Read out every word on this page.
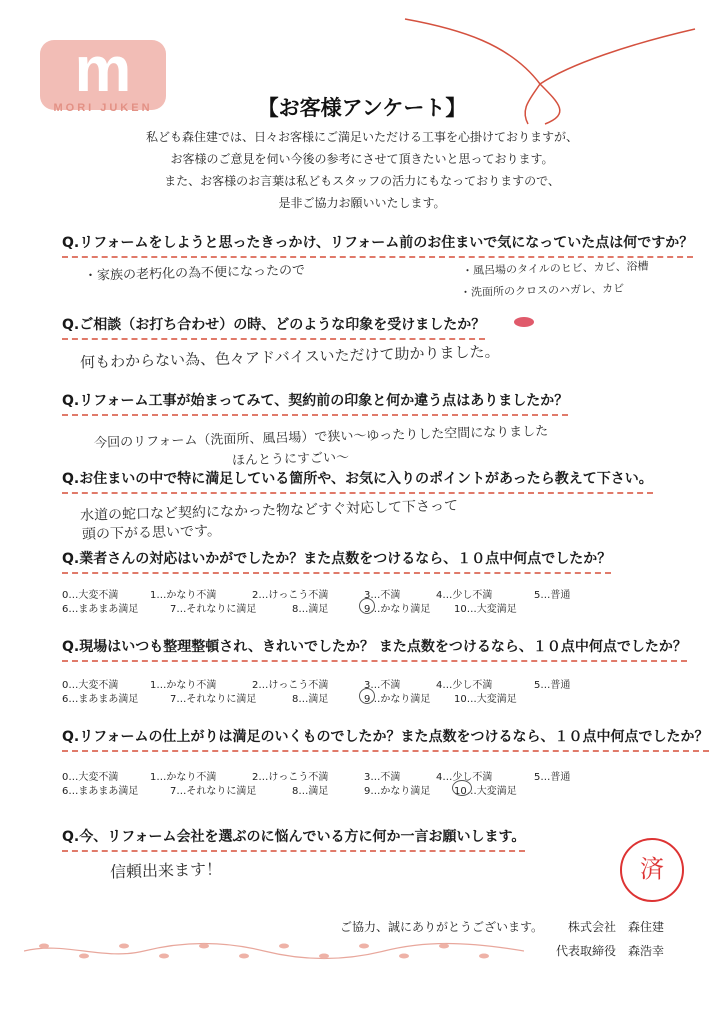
m
MORI JUKEN	【お客様アンケート】
私ども森住建では、日々お客様にご満足いただける工事を心掛けておりますが、
お客様のご意見を伺い今後の参考にさせて頂きたいと思っております。
また、お客様のお言葉は私どもスタッフの活力にもなっておりますので、
是非ご協力お願いいたします。
Q.リフォームをしようと思ったきっかけ、リフォーム前のお住まいで気になっていた点は何ですか？
・家族の老朽化の為不便になったので	・風呂場のタイルのヒビ、カビ、浴槽
・洗面所のクロスのハガレ、カビ
Q.ご相談（お打ち合わせ）の時、どのような印象を受けましたか？
何もわからない為、色々アドバイスいただけて助かりました。
Q.リフォーム工事が始まってみて、契約前の印象と何か違う点はありましたか？
今回のリフォーム（洗面所、風呂場）で狭い〜ゆったりした空間になりました
ほんとうにすごい〜
Q.お住まいの中で特に満足している箇所や、お気に入りのポイントがあったら教えて下さい。
水道の蛇口など契約になかった物などすぐ対応して下さって
頭の下がる思いです。
Q.業者さんの対応はいかがでしたか？また点数をつけるなら、１０点中何点でしたか？
0…大変不満	1…かなり不満	2…けっこう不満	3…不満	4…少し不満	5…普通
6…まあまあ満足	7…それなりに満足	8…満足	9…かなり満足 10…大変満足
Q.現場はいつも整理整頓され、きれいでしたか？ また点数をつけるなら、１０点中何点でしたか？
0…大変不満	1…かなり不満	2…けっこう不満	3…不満	4…少し不満	5…普通
6…まあまあ満足	7…それなりに満足	8…満足	9…かなり満足 10…大変満足
Q.リフォームの仕上がりは満足のいくものでしたか？また点数をつけるなら、１０点中何点でしたか？
0…大変不満	1…かなり不満	2…けっこう不満	3…不満	4…少し不満	5…普通
6…まあまあ満足	7…それなりに満足	8…満足	9…かなり満足 10…大変満足
Q.今、リフォーム会社を選ぶのに悩んでいる方に何か一言お願いします。
信頼出来ます！	済
ご協力、誠にありがとうございます。 株式会社　森住建
代表取締役　森浩幸
